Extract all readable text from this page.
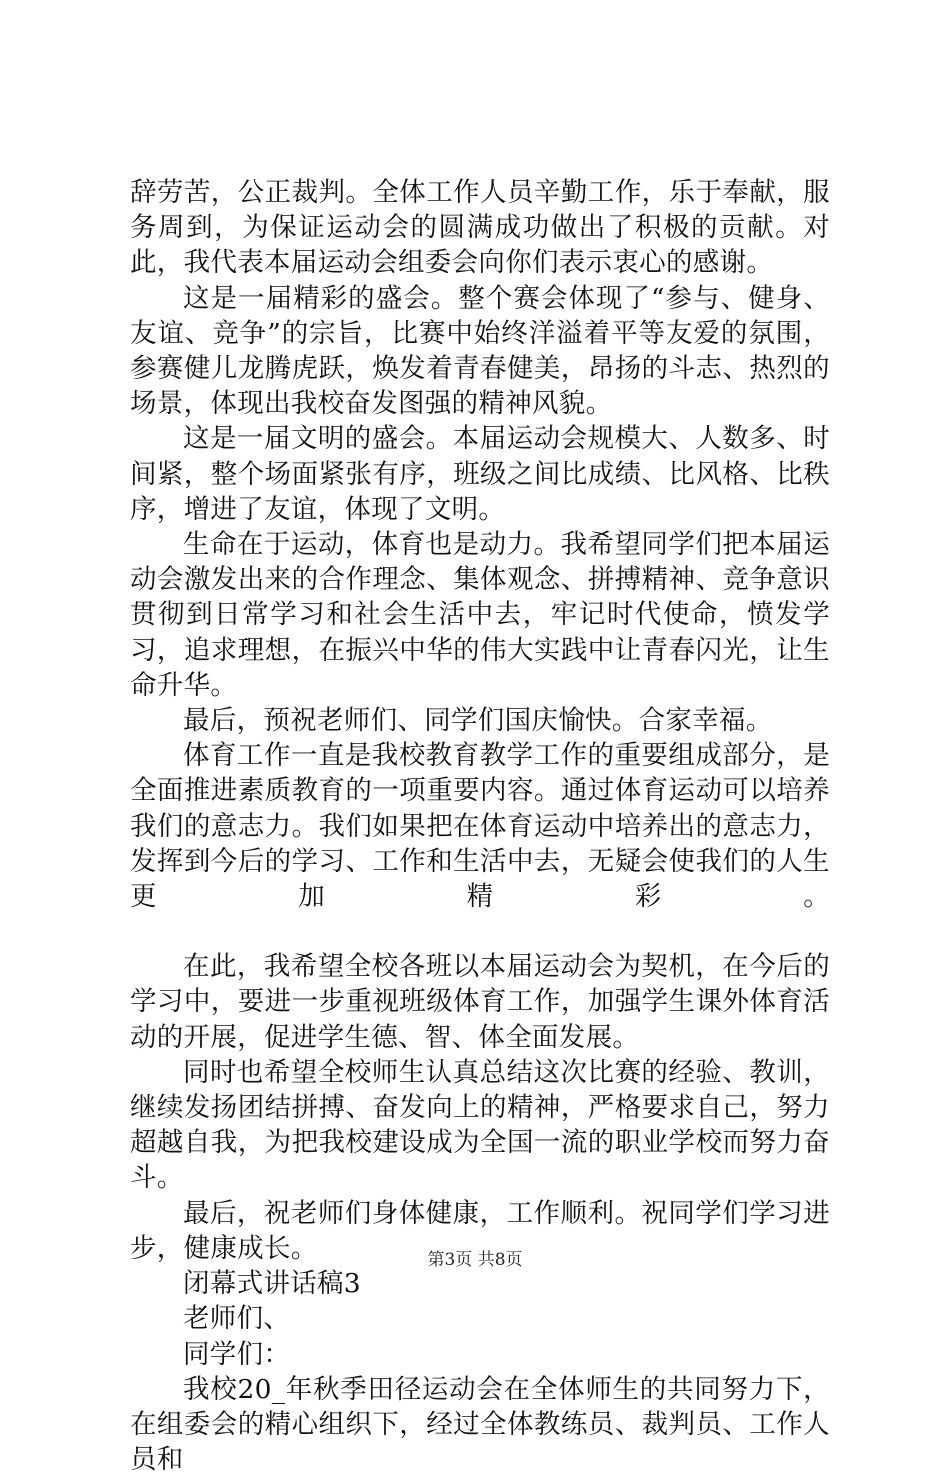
辞劳苦，公正裁判。全体工作人员辛勤工作，乐于奉献，服务周到，为保证运动会的圆满成功做出了积极的贡献。对此，我代表本届运动会组委会向你们表示衷心的感谢。

这是一届精彩的盛会。整个赛会体现了“参与、健身、友谊、竞争”的宗旨，比赛中始终洋溢着平等友爱的氛围，参赛健儿龙腾虎跃，焕发着青春健美，昂扬的斗志、热烈的场景，体现出我校奋发图强的精神风貌。

这是一届文明的盛会。本届运动会规模大、人数多、时间紧，整个场面紧张有序，班级之间比成绩、比风格、比秩序，增进了友谊，体现了文明。

生命在于运动，体育也是动力。我希望同学们把本届运动会激发出来的合作理念、集体观念、拼搏精神、竞争意识贯彻到日常学习和社会生活中去，牢记时代使命，愤发学习，追求理想，在振兴中华的伟大实践中让青春闪光，让生命升华。

最后，预祝老师们、同学们国庆愉快。合家幸福。

体育工作一直是我校教育教学工作的重要组成部分，是全面推进素质教育的一项重要内容。通过体育运动可以培养我们的意志力。我们如果把在体育运动中培养出的意志力，发挥到今后的学习、工作和生活中去，无疑会使我们的人生更加精彩。

在此，我希望全校各班以本届运动会为契机，在今后的学习中，要进一步重视班级体育工作，加强学生课外体育活动的开展，促进学生德、智、体全面发展。

同时也希望全校师生认真总结这次比赛的经验、教训，继续发扬团结拼搏、奋发向上的精神，严格要求自己，努力超越自我，为把我校建设成为全国一流的职业学校而努力奋斗。

最后，祝老师们身体健康，工作顺利。祝同学们学习进步，健康成长。

闭幕式讲话稿3

老师们、

同学们：

我校20_年秋季田径运动会在全体师生的共同努力下，在组委会的精心组织下，经过全体教练员、裁判员、工作人员和

第3页 共8页
